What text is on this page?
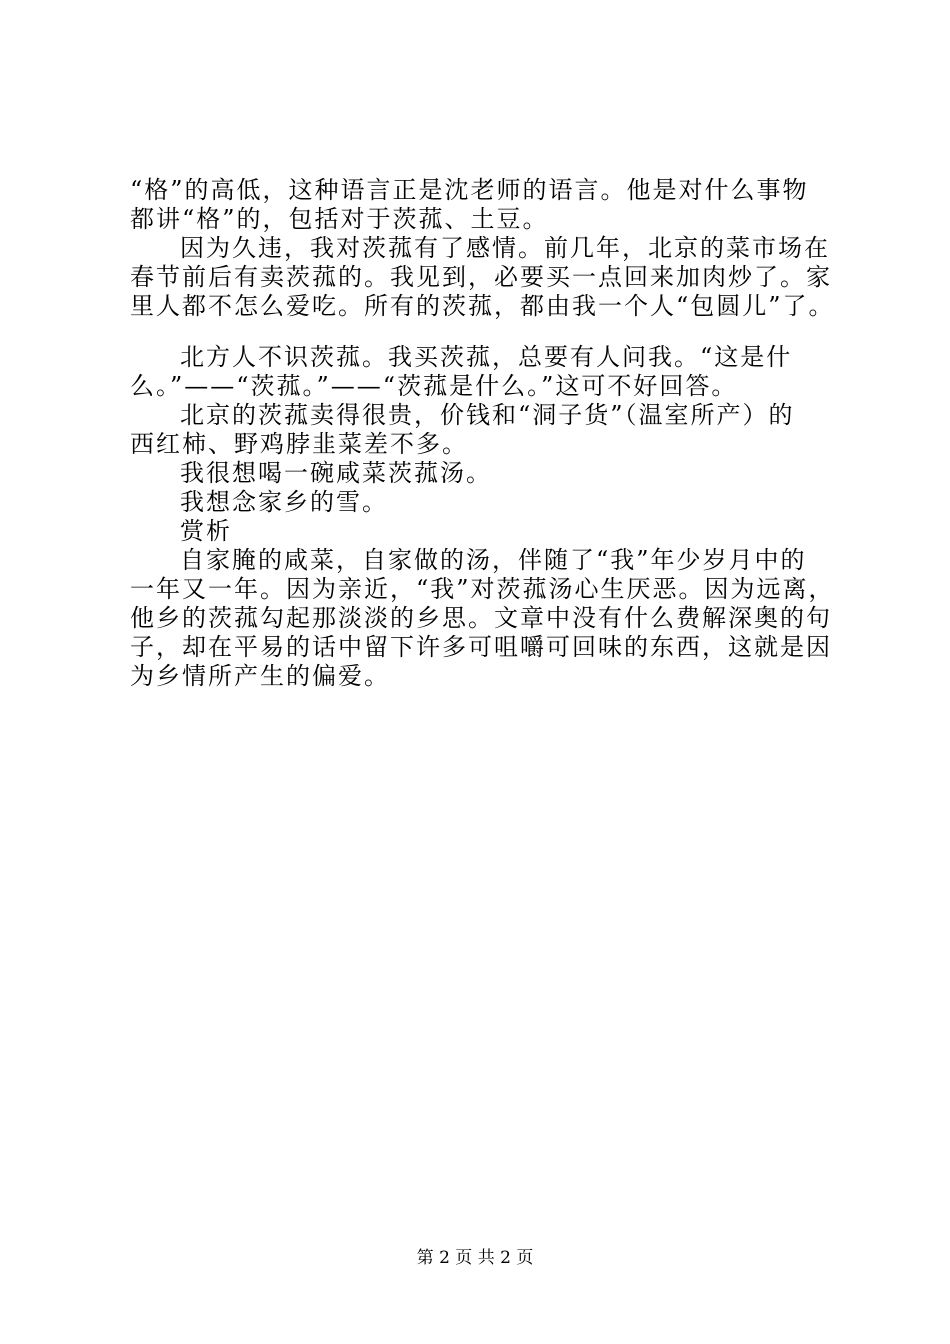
“格”的高低，这种语言正是沈老师的语言。他是对什么事物
都讲“格”的，包括对于茨菰、土豆。

因为久违，我对茨菰有了感情。前几年，北京的菜市场在
春节前后有卖茨菰的。我见到，必要买一点回来加肉炒了。家
里人都不怎么爱吃。所有的茨菰，都由我一个人“包圆儿”了。

北方人不识茨菰。我买茨菰，总要有人问我。“这是什
么。”——“茨菰。”——“茨菰是什么。”这可不好回答。

北京的茨菰卖得很贵，价钱和“洞子货”（温室所产）的
西红柿、野鸡脖韭菜差不多。

我很想喝一碗咸菜茨菰汤。

我想念家乡的雪。

赏析

自家腌的咸菜，自家做的汤，伴随了“我”年少岁月中的
一年又一年。因为亲近，“我”对茨菰汤心生厌恶。因为远离，
他乡的茨菰勾起那淡淡的乡思。文章中没有什么费解深奥的句
子，却在平易的话中留下许多可咀嚼可回味的东西，这就是因
为乡情所产生的偏爱。

第 2 页 共 2 页
